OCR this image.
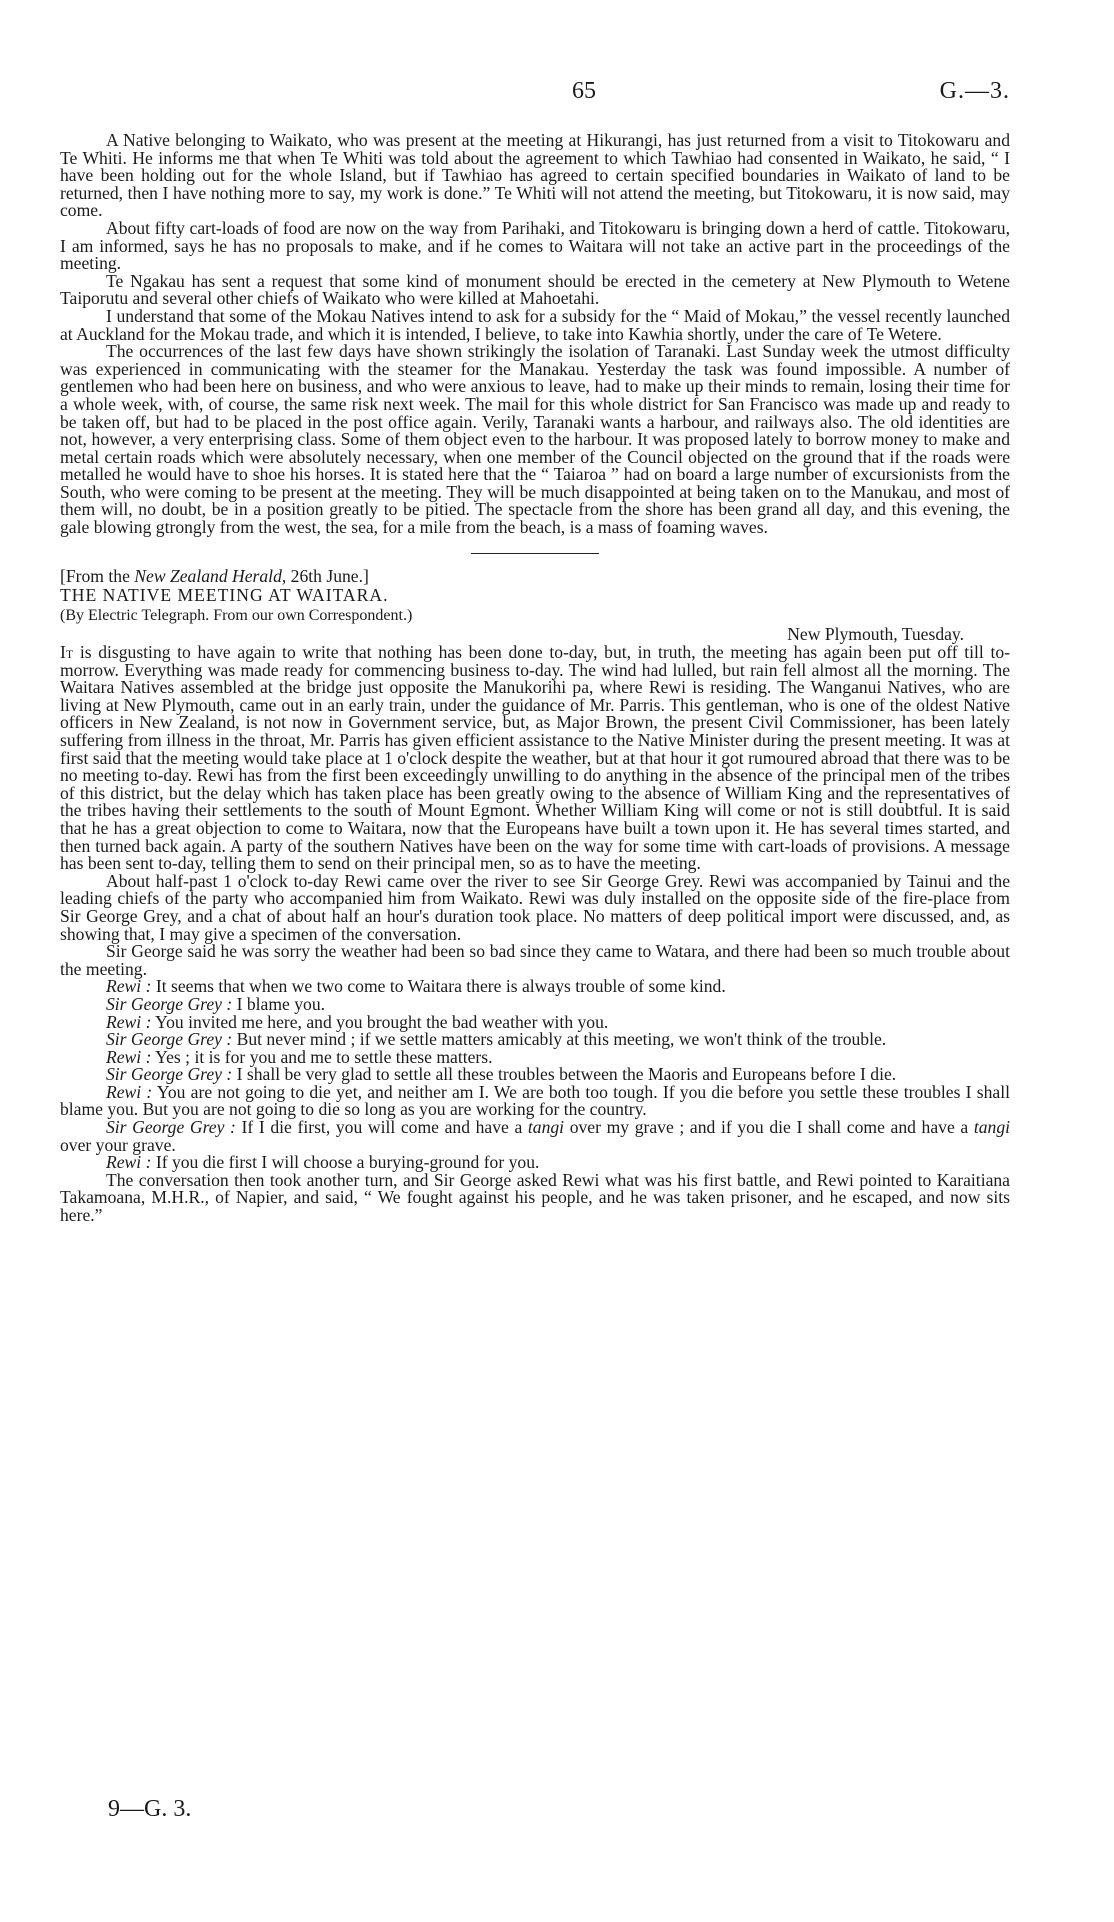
65	G.—3.

A Native belonging to Waikato, who was present at the meeting at Hikurangi, has just returned from a visit to Titokowaru and Te Whiti. He informs me that when Te Whiti was told about the agreement to which Tawhiao had consented in Waikato, he said, “ I have been holding out for the whole Island, but if Tawhiao has agreed to certain specified boundaries in Waikato of land to be returned, then I have nothing more to say, my work is done.” Te Whiti will not attend the meeting, but Titokowaru, it is now said, may come.

About fifty cart-loads of food are now on the way from Parihaki, and Titokowaru is bringing down a herd of cattle. Titokowaru, I am informed, says he has no proposals to make, and if he comes to Waitara will not take an active part in the proceedings of the meeting.

Te Ngakau has sent a request that some kind of monument should be erected in the cemetery at New Plymouth to Wetene Taiporutu and several other chiefs of Waikato who were killed at Mahoetahi.

I understand that some of the Mokau Natives intend to ask for a subsidy for the “ Maid of Mokau,” the vessel recently launched at Auckland for the Mokau trade, and which it is intended, I believe, to take into Kawhia shortly, under the care of Te Wetere.

The occurrences of the last few days have shown strikingly the isolation of Taranaki. Last Sunday week the utmost difficulty was experienced in communicating with the steamer for the Manakau. Yesterday the task was found impossible. A number of gentlemen who had been here on business, and who were anxious to leave, had to make up their minds to remain, losing their time for a whole week, with, of course, the same risk next week. The mail for this whole district for San Francisco was made up and ready to be taken off, but had to be placed in the post office again. Verily, Taranaki wants a harbour, and railways also. The old identities are not, however, a very enterprising class. Some of them object even to the harbour. It was proposed lately to borrow money to make and metal certain roads which were absolutely necessary, when one member of the Council objected on the ground that if the roads were metalled he would have to shoe his horses. It is stated here that the “ Taiaroa ” had on board a large number of excursionists from the South, who were coming to be present at the meeting. They will be much disappointed at being taken on to the Manukau, and most of them will, no doubt, be in a position greatly to be pitied. The spectacle from the shore has been grand all day, and this evening, the gale blowing gtrongly from the west, the sea, for a mile from the beach, is a mass of foaming waves.

[From the New Zealand Herald, 26th June.]

THE NATIVE MEETING AT WAITARA.

(By Electric Telegraph. From our own Correspondent.)

New Plymouth, Tuesday.

It is disgusting to have again to write that nothing has been done to-day, but, in truth, the meeting has again been put off till to-morrow. Everything was made ready for commencing business to-day. The wind had lulled, but rain fell almost all the morning. The Waitara Natives assembled at the bridge just opposite the Manukorihi pa, where Rewi is residing. The Wanganui Natives, who are living at New Plymouth, came out in an early train, under the guidance of Mr. Parris. This gentleman, who is one of the oldest Native officers in New Zealand, is not now in Government service, but, as Major Brown, the present Civil Commissioner, has been lately suffering from illness in the throat, Mr. Parris has given efficient assistance to the Native Minister during the present meeting. It was at first said that the meeting would take place at 1 o'clock despite the weather, but at that hour it got rumoured abroad that there was to be no meeting to-day. Rewi has from the first been exceedingly unwilling to do anything in the absence of the principal men of the tribes of this district, but the delay which has taken place has been greatly owing to the absence of William King and the representatives of the tribes having their settlements to the south of Mount Egmont. Whether William King will come or not is still doubtful. It is said that he has a great objection to come to Waitara, now that the Europeans have built a town upon it. He has several times started, and then turned back again. A party of the southern Natives have been on the way for some time with cart-loads of provisions. A message has been sent to-day, telling them to send on their principal men, so as to have the meeting.

About half-past 1 o'clock to-day Rewi came over the river to see Sir George Grey. Rewi was accompanied by Tainui and the leading chiefs of the party who accompanied him from Waikato. Rewi was duly installed on the opposite side of the fire-place from Sir George Grey, and a chat of about half an hour's duration took place. No matters of deep political import were discussed, and, as showing that, I may give a specimen of the conversation.

Sir George said he was sorry the weather had been so bad since they came to Watara, and there had been so much trouble about the meeting.

Rewi : It seems that when we two come to Waitara there is always trouble of some kind.

Sir George Grey : I blame you.

Rewi : You invited me here, and you brought the bad weather with you.

Sir George Grey : But never mind ; if we settle matters amicably at this meeting, we won't think of the trouble.

Rewi : Yes ; it is for you and me to settle these matters.

Sir George Grey : I shall be very glad to settle all these troubles between the Maoris and Europeans before I die.

Rewi : You are not going to die yet, and neither am I. We are both too tough. If you die before you settle these troubles I shall blame you. But you are not going to die so long as you are working for the country.

Sir George Grey : If I die first, you will come and have a tangi over my grave ; and if you die I shall come and have a tangi over your grave.

Rewi : If you die first I will choose a burying-ground for you.

The conversation then took another turn, and Sir George asked Rewi what was his first battle, and Rewi pointed to Karaitiana Takamoana, M.H.R., of Napier, and said, “ We fought against his people, and he was taken prisoner, and he escaped, and now sits here.”

9—G. 3.
